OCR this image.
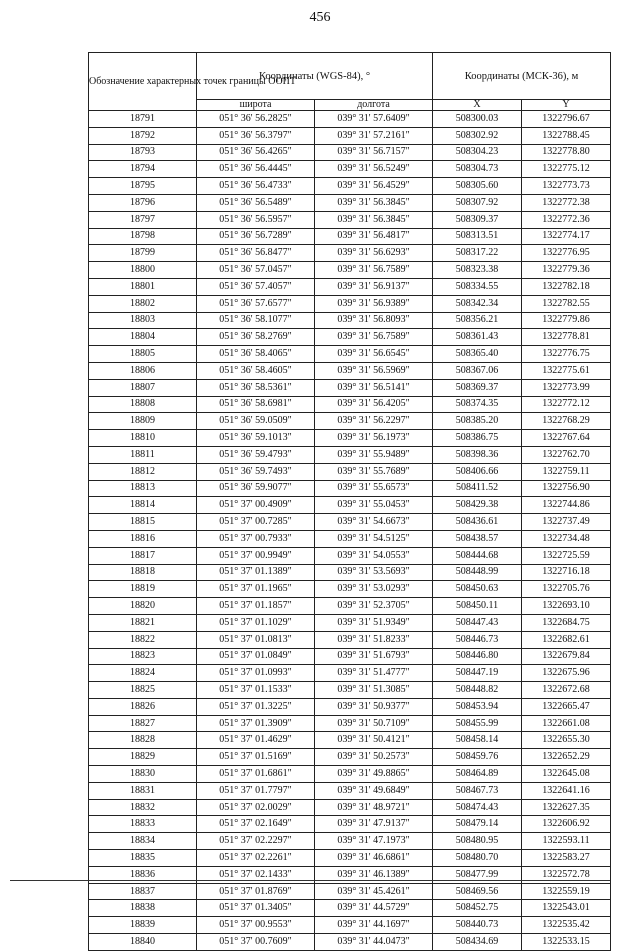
456
Обозначение характерных точек границы ООПТ	Координаты (WGS-84), °		Координаты (МСК-36), м	
	широта	долгота	X	Y
18791	051° 36' 56.2825"	039° 31' 57.6409"	508300.03	1322796.67
18792	051° 36' 56.3797"	039° 31' 57.2161"	508302.92	1322788.45
18793	051° 36' 56.4265"	039° 31' 56.7157"	508304.23	1322778.80
18794	051° 36' 56.4445"	039° 31' 56.5249"	508304.73	1322775.12
18795	051° 36' 56.4733"	039° 31' 56.4529"	508305.60	1322773.73
18796	051° 36' 56.5489"	039° 31' 56.3845"	508307.92	1322772.38
18797	051° 36' 56.5957"	039° 31' 56.3845"	508309.37	1322772.36
18798	051° 36' 56.7289"	039° 31' 56.4817"	508313.51	1322774.17
18799	051° 36' 56.8477"	039° 31' 56.6293"	508317.22	1322776.95
18800	051° 36' 57.0457"	039° 31' 56.7589"	508323.38	1322779.36
18801	051° 36' 57.4057"	039° 31' 56.9137"	508334.55	1322782.18
18802	051° 36' 57.6577"	039° 31' 56.9389"	508342.34	1322782.55
18803	051° 36' 58.1077"	039° 31' 56.8093"	508356.21	1322779.86
18804	051° 36' 58.2769"	039° 31' 56.7589"	508361.43	1322778.81
18805	051° 36' 58.4065"	039° 31' 56.6545"	508365.40	1322776.75
18806	051° 36' 58.4605"	039° 31' 56.5969"	508367.06	1322775.61
18807	051° 36' 58.5361"	039° 31' 56.5141"	508369.37	1322773.99
18808	051° 36' 58.6981"	039° 31' 56.4205"	508374.35	1322772.12
18809	051° 36' 59.0509"	039° 31' 56.2297"	508385.20	1322768.29
18810	051° 36' 59.1013"	039° 31' 56.1973"	508386.75	1322767.64
18811	051° 36' 59.4793"	039° 31' 55.9489"	508398.36	1322762.70
18812	051° 36' 59.7493"	039° 31' 55.7689"	508406.66	1322759.11
18813	051° 36' 59.9077"	039° 31' 55.6573"	508411.52	1322756.90
18814	051° 37' 00.4909"	039° 31' 55.0453"	508429.38	1322744.86
18815	051° 37' 00.7285"	039° 31' 54.6673"	508436.61	1322737.49
18816	051° 37' 00.7933"	039° 31' 54.5125"	508438.57	1322734.48
18817	051° 37' 00.9949"	039° 31' 54.0553"	508444.68	1322725.59
18818	051° 37' 01.1389"	039° 31' 53.5693"	508448.99	1322716.18
18819	051° 37' 01.1965"	039° 31' 53.0293"	508450.63	1322705.76
18820	051° 37' 01.1857"	039° 31' 52.3705"	508450.11	1322693.10
18821	051° 37' 01.1029"	039° 31' 51.9349"	508447.43	1322684.75
18822	051° 37' 01.0813"	039° 31' 51.8233"	508446.73	1322682.61
18823	051° 37' 01.0849"	039° 31' 51.6793"	508446.80	1322679.84
18824	051° 37' 01.0993"	039° 31' 51.4777"	508447.19	1322675.96
18825	051° 37' 01.1533"	039° 31' 51.3085"	508448.82	1322672.68
18826	051° 37' 01.3225"	039° 31' 50.9377"	508453.94	1322665.47
18827	051° 37' 01.3909"	039° 31' 50.7109"	508455.99	1322661.08
18828	051° 37' 01.4629"	039° 31' 50.4121"	508458.14	1322655.30
18829	051° 37' 01.5169"	039° 31' 50.2573"	508459.76	1322652.29
18830	051° 37' 01.6861"	039° 31' 49.8865"	508464.89	1322645.08
18831	051° 37' 01.7797"	039° 31' 49.6849"	508467.73	1322641.16
18832	051° 37' 02.0029"	039° 31' 48.9721"	508474.43	1322627.35
18833	051° 37' 02.1649"	039° 31' 47.9137"	508479.14	1322606.92
18834	051° 37' 02.2297"	039° 31' 47.1973"	508480.95	1322593.11
18835	051° 37' 02.2261"	039° 31' 46.6861"	508480.70	1322583.27
18836	051° 37' 02.1433"	039° 31' 46.1389"	508477.99	1322572.78
18837	051° 37' 01.8769"	039° 31' 45.4261"	508469.56	1322559.19
18838	051° 37' 01.3405"	039° 31' 44.5729"	508452.75	1322543.01
18839	051° 37' 00.9553"	039° 31' 44.1697"	508440.73	1322535.42
18840	051° 37' 00.7609"	039° 31' 44.0473"	508434.69	1322533.15
